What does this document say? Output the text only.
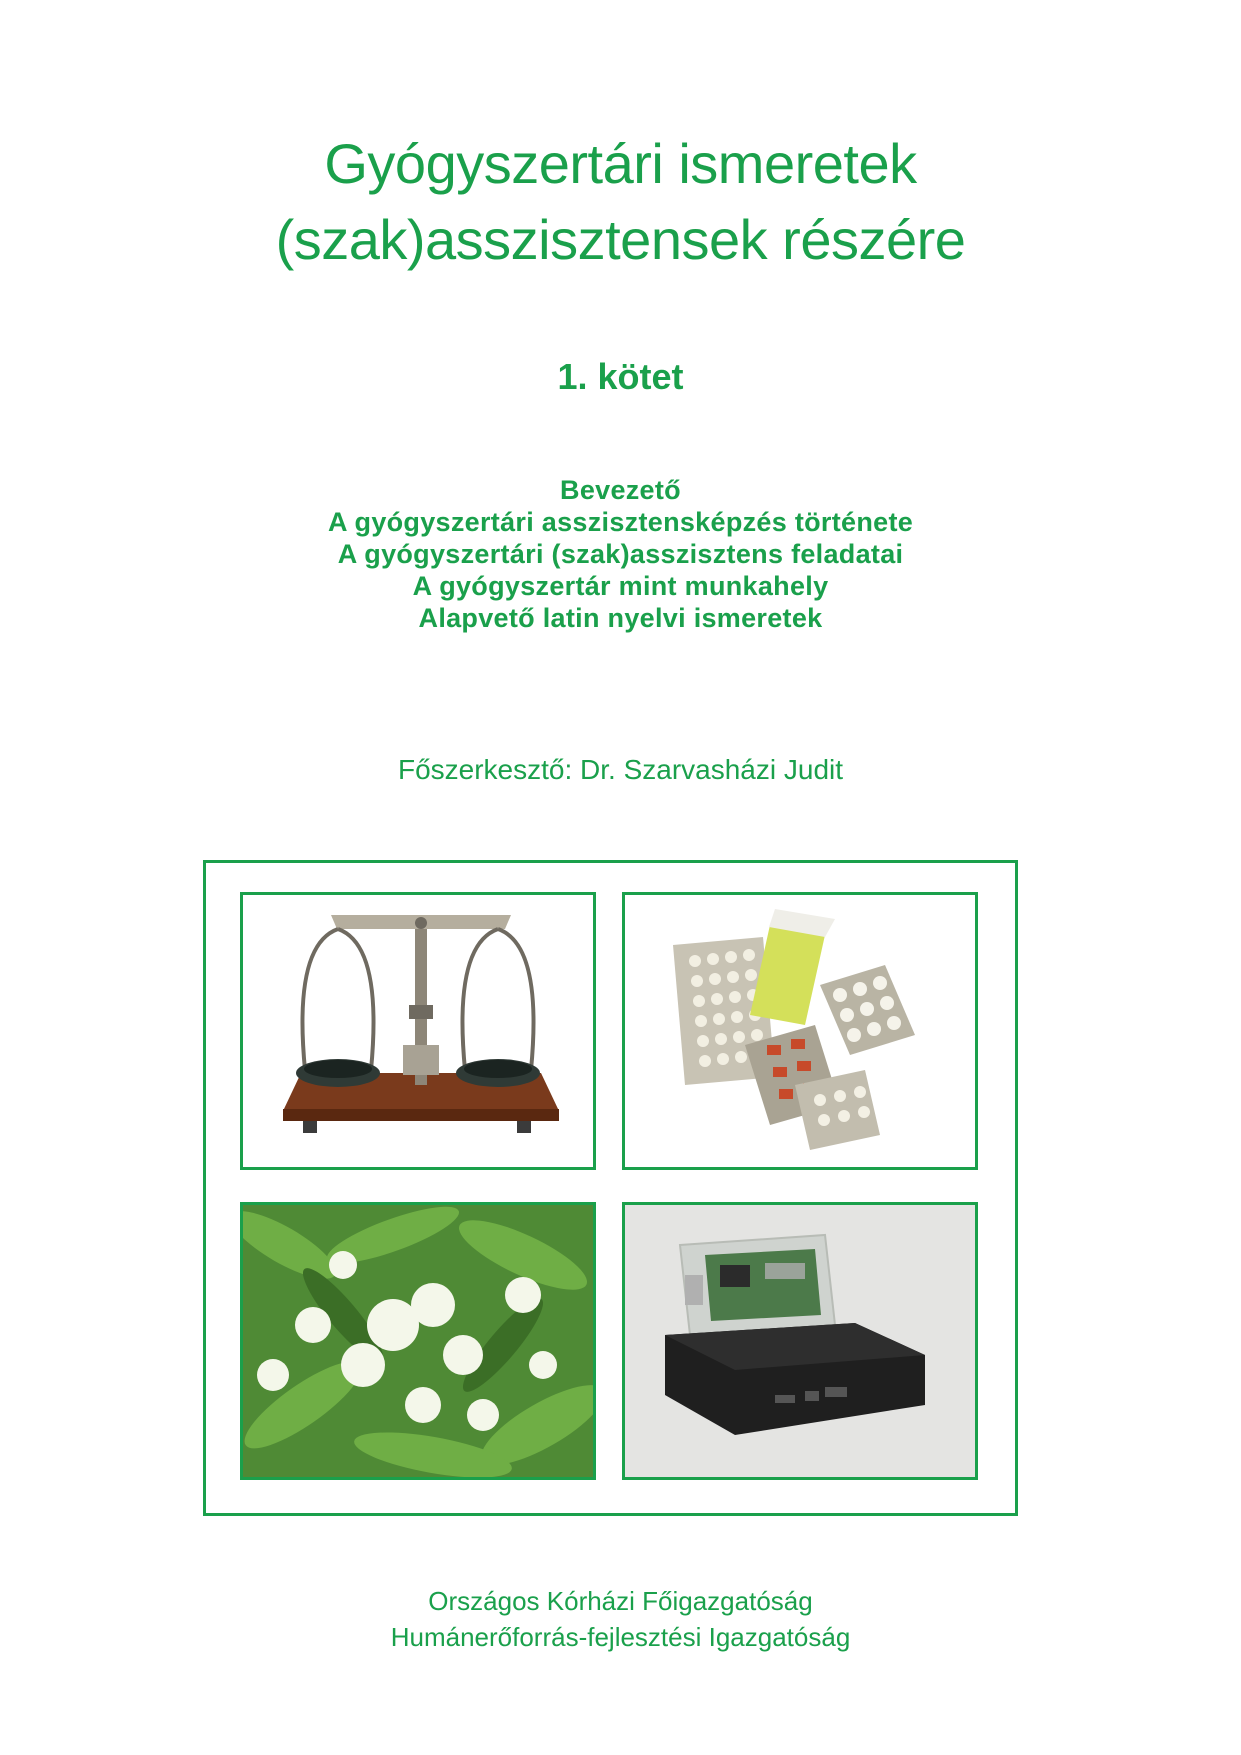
Gyógyszertári ismeretek
(szak)asszisztensek részére
1. kötet
Bevezető
A gyógyszertári asszisztensképzés története
A gyógyszertári (szak)asszisztens feladatai
A gyógyszertár mint munkahely
Alapvető latin nyelvi ismeretek
Főszerkesztő: Dr. Szarvasházi Judit
Országos Kórházi Főigazgatóság
Humánerőforrás-fejlesztési Igazgatóság
